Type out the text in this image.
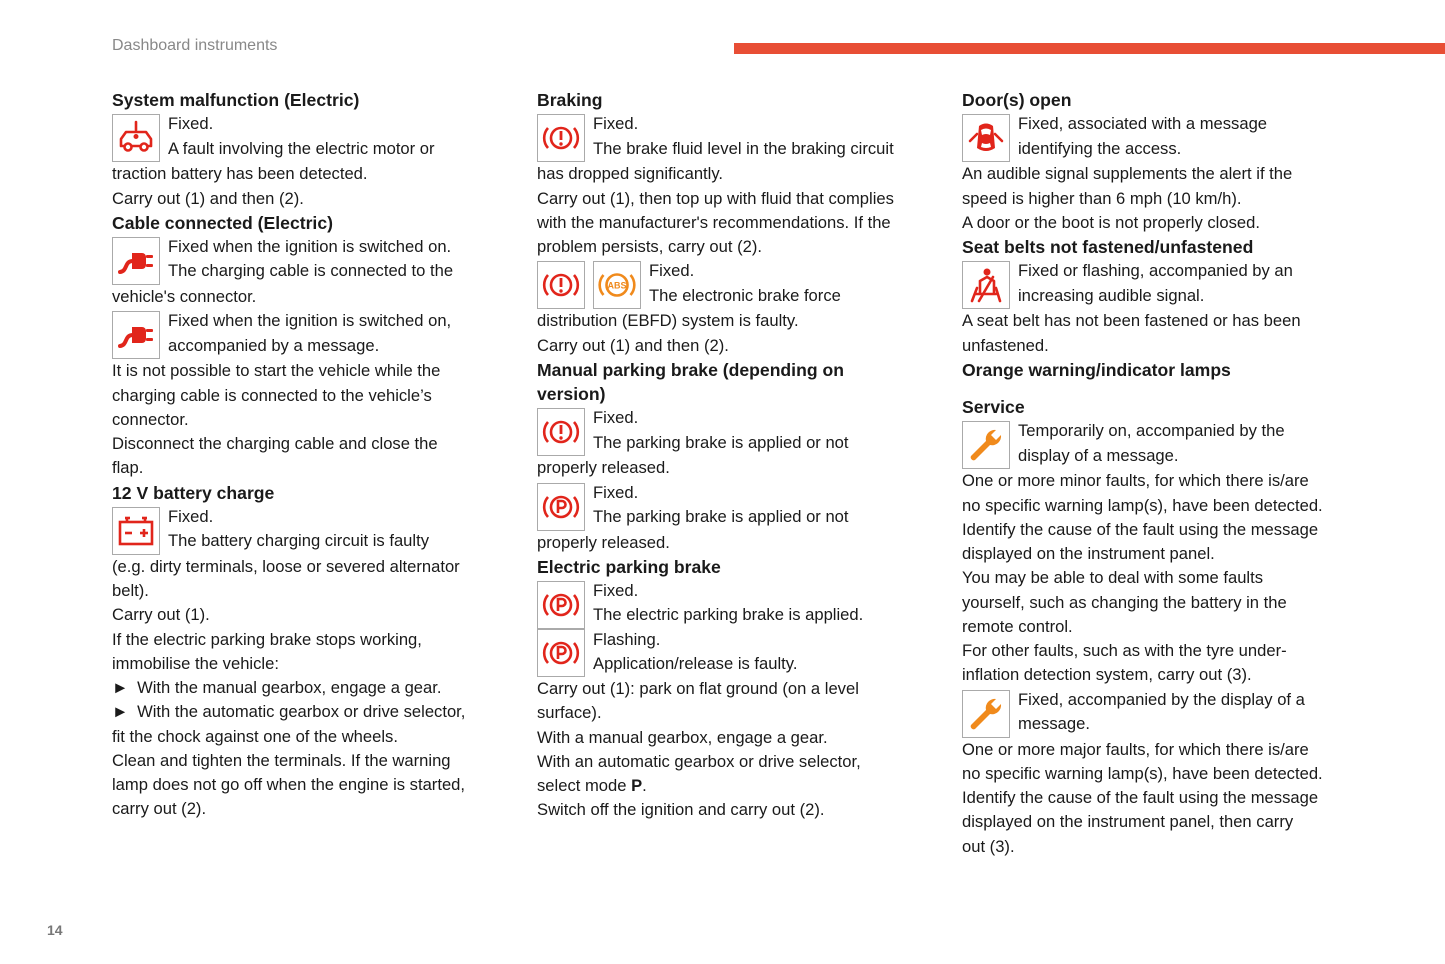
Dashboard instruments

System malfunction (Electric)

Fixed.

A fault involving the electric motor or

traction battery has been detected.

Carry out (1) and then (2).

Cable connected (Electric)

Fixed when the ignition is switched on.

The charging cable is connected to the

vehicle's connector.

Fixed when the ignition is switched on,

accompanied by a message.

It is not possible to start the vehicle while the

charging cable is connected to the vehicle’s

connector.

Disconnect the charging cable and close the

flap.

12 V battery charge

Fixed.

The battery charging circuit is faulty

(e.g. dirty terminals, loose or severed alternator

belt).

Carry out (1).

If the electric parking brake stops working,

immobilise the vehicle:

► With the manual gearbox, engage a gear.

► With the automatic gearbox or drive selector,

fit the chock against one of the wheels.

Clean and tighten the terminals. If the warning

lamp does not go off when the engine is started,

carry out (2).

Braking

Fixed.

The brake fluid level in the braking circuit

has dropped significantly.

Carry out (1), then top up with fluid that complies

with the manufacturer's recommendations. If the

problem persists, carry out (2).

ABS

Fixed.

The electronic brake force

distribution (EBFD) system is faulty.

Carry out (1) and then (2).

Manual parking brake (depending on

version)

Fixed.

The parking brake is applied or not

properly released.

Fixed.

The parking brake is applied or not

properly released.

Electric parking brake

Fixed.

The electric parking brake is applied.

Flashing.

Application/release is faulty.

Carry out (1): park on flat ground (on a level

surface).

With a manual gearbox, engage a gear.

With an automatic gearbox or drive selector,

select mode P.

Switch off the ignition and carry out (2).

Door(s) open

Fixed, associated with a message

identifying the access.

An audible signal supplements the alert if the

speed is higher than 6 mph (10 km/h).

A door or the boot is not properly closed.

Seat belts not fastened/unfastened

Fixed or flashing, accompanied by an

increasing audible signal.

A seat belt has not been fastened or has been

unfastened.

Orange warning/indicator lamps

Service

Temporarily on, accompanied by the

display of a message.

One or more minor faults, for which there is/are

no specific warning lamp(s), have been detected.

Identify the cause of the fault using the message

displayed on the instrument panel.

You may be able to deal with some faults

yourself, such as changing the battery in the

remote control.

For other faults, such as with the tyre under-

inflation detection system, carry out (3).

Fixed, accompanied by the display of a

message.

One or more major faults, for which there is/are

no specific warning lamp(s), have been detected.

Identify the cause of the fault using the message

displayed on the instrument panel, then carry

out (3).

14
